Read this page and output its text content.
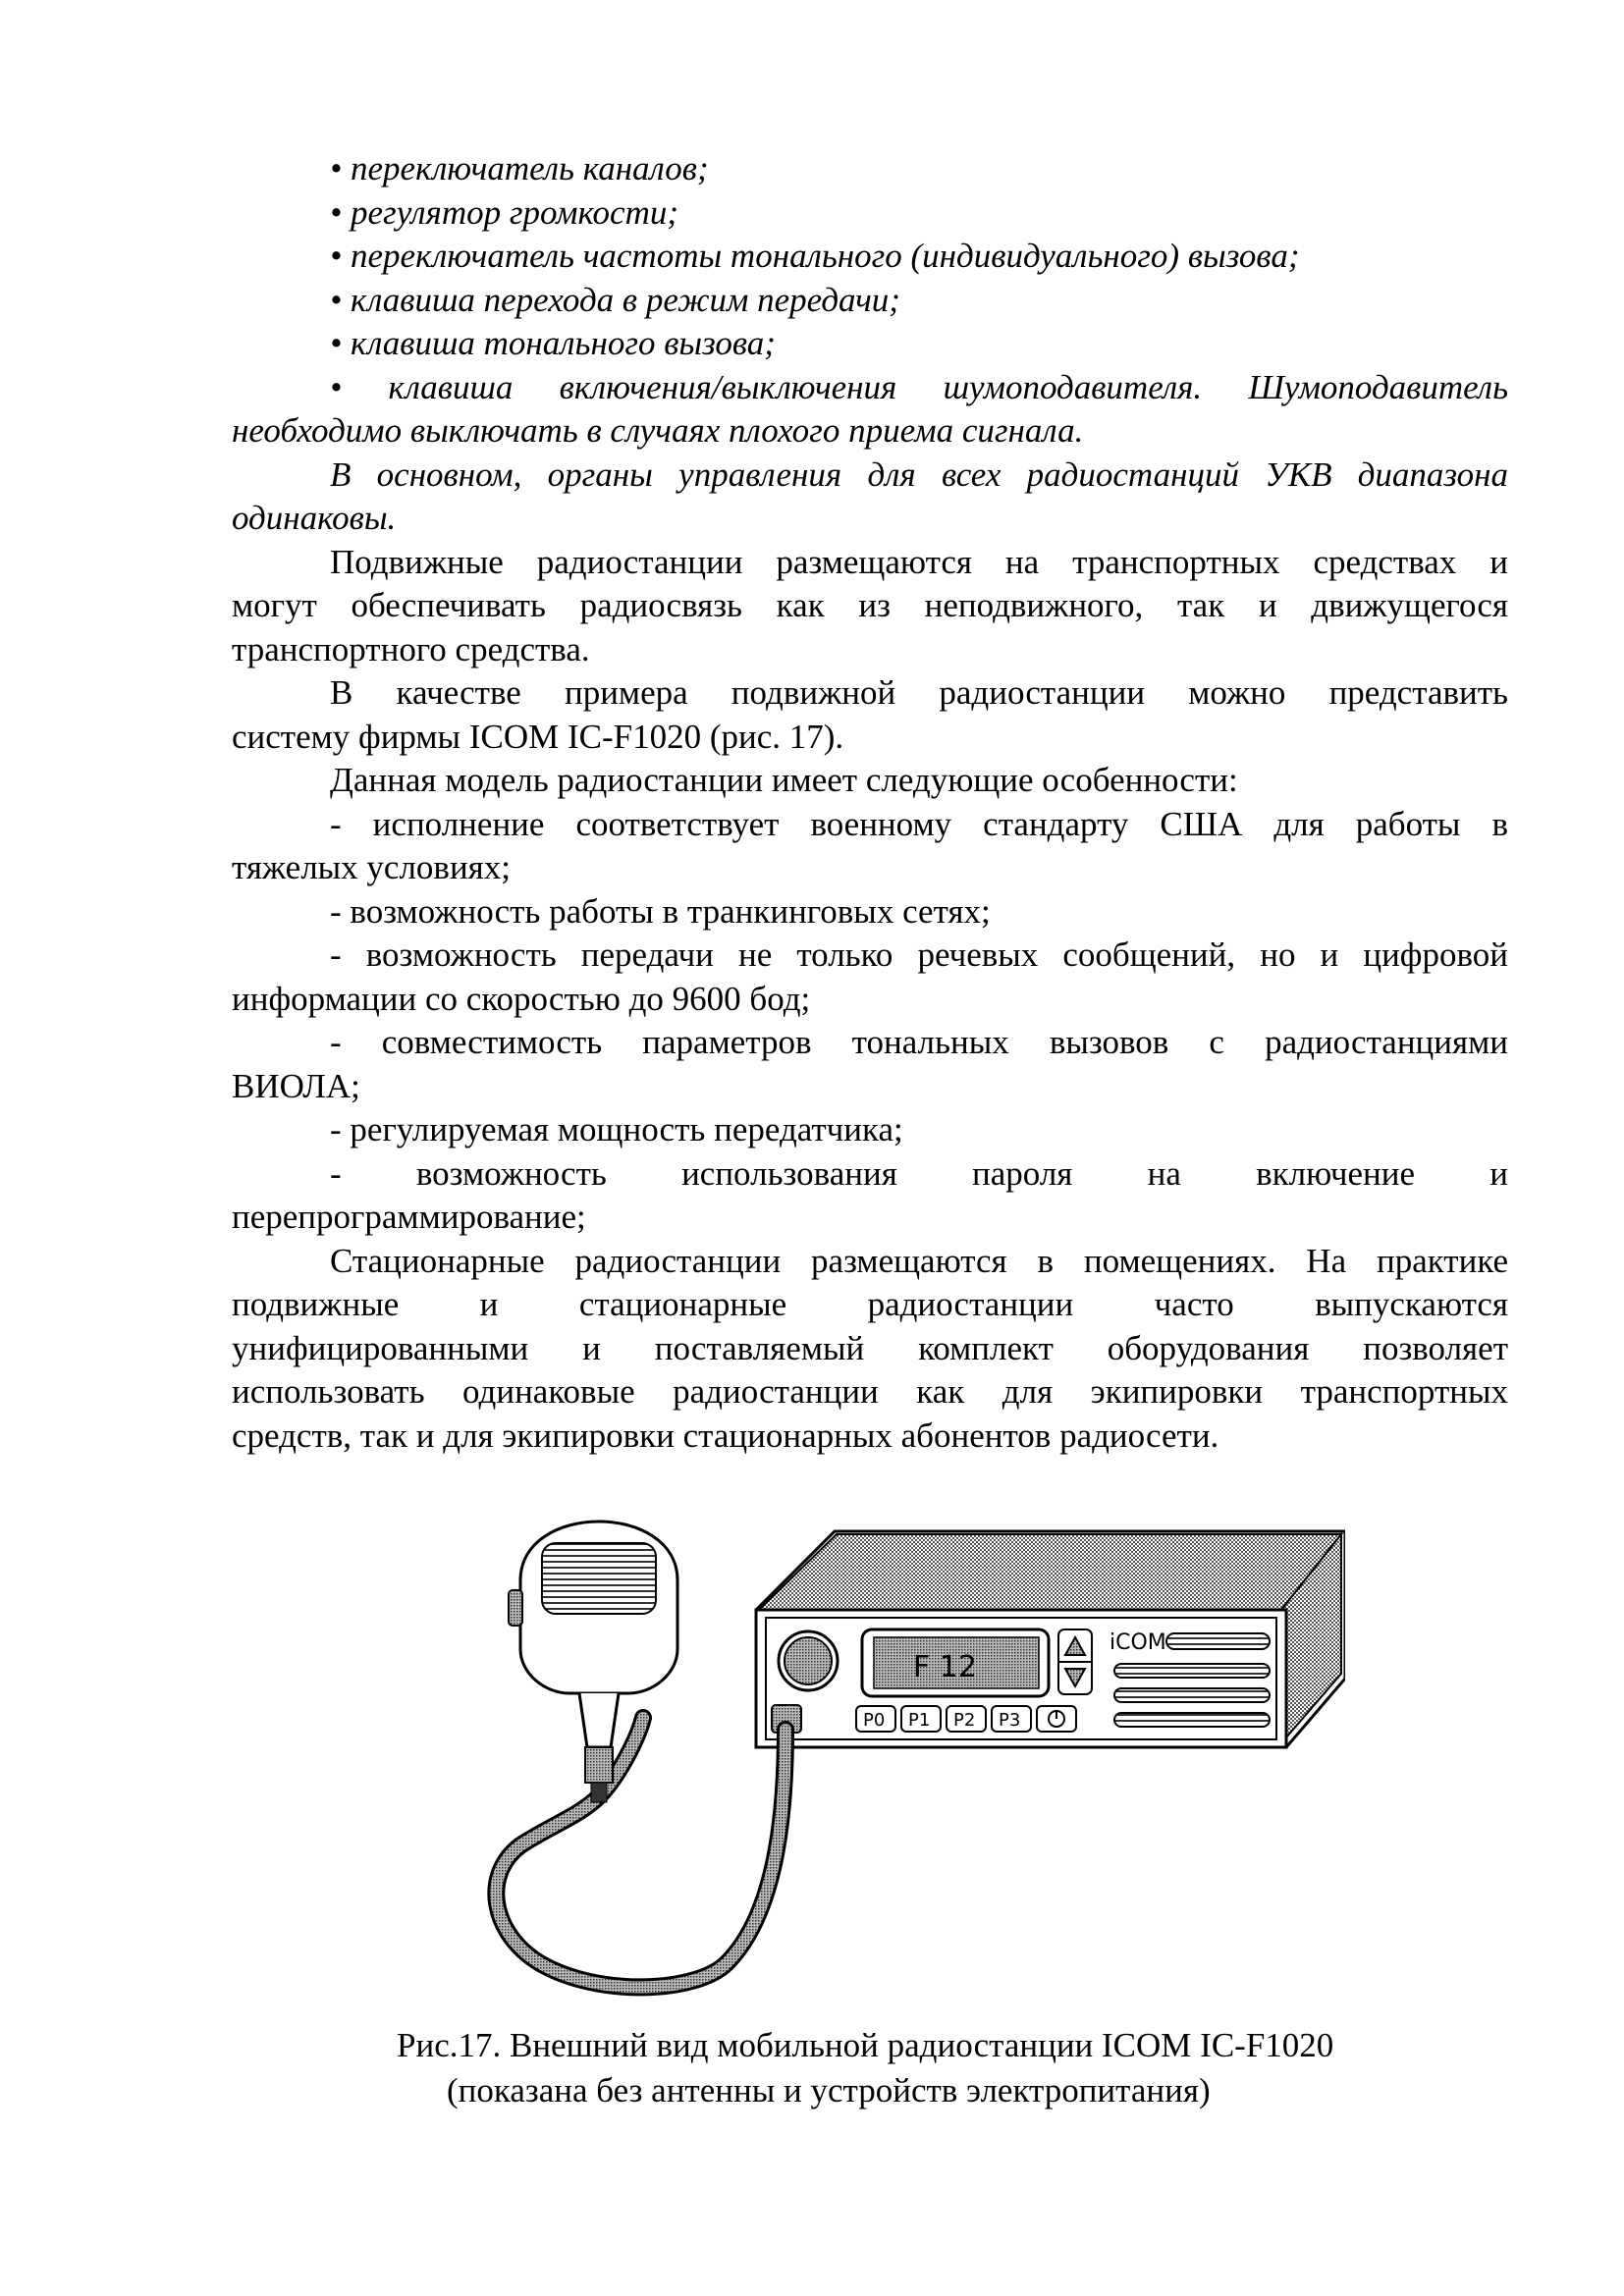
• переключатель каналов;
• регулятор громкости;
• переключатель частоты тонального (индивидуального) вызова;
• клавиша перехода в режим передачи;
• клавиша тонального вызова;
• клавиша включения/выключения шумоподавителя. Шумоподавитель
необходимо выключать в случаях плохого приема сигнала.
В основном, органы управления для всех радиостанций УКВ диапазона
одинаковы.
Подвижные радиостанции размещаются на транспортных средствах и
могут обеспечивать радиосвязь как из неподвижного, так и движущегося
транспортного средства.
В качестве примера подвижной радиостанции можно представить
систему фирмы ICOM IC-F1020 (рис. 17).
Данная модель радиостанции имеет следующие особенности:
- исполнение соответствует военному стандарту США для работы в
тяжелых условиях;
- возможность работы в транкинговых сетях;
- возможность передачи не только речевых сообщений, но и цифровой
информации со скоростью до 9600 бод;
- совместимость параметров тональных вызовов с радиостанциями
ВИОЛА;
- регулируемая мощность передатчика;
- возможность использования пароля на включение и
перепрограммирование;
Стационарные радиостанции размещаются в помещениях. На практике
подвижные и стационарные радиостанции часто выпускаются
унифицированными и поставляемый комплект оборудования позволяет
использовать одинаковые радиостанции как для экипировки транспортных
средств, так и для экипировки стационарных абонентов радиосети.
F 12
iCOM
P0 P1 P2 P3
Рис.17. Внешний вид мобильной радиостанции ICOM IC-F1020
(показана без антенны и устройств электропитания)
